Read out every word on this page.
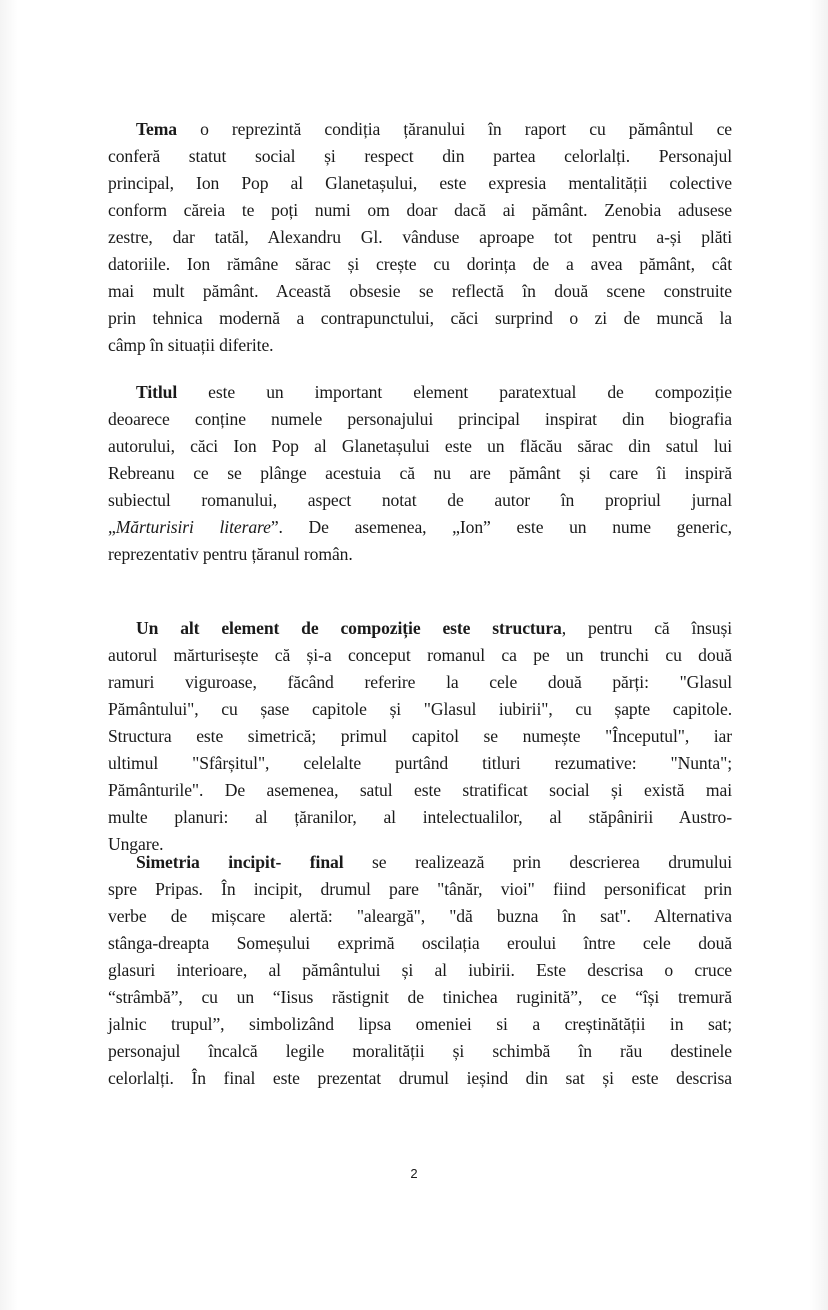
Tema o reprezintă condiția țăranului în raport cu pământul ce
conferă statut social și respect din partea celorlalți. Personajul
principal, Ion Pop al Glanetașului, este expresia mentalității colective
conform căreia te poți numi om doar dacă ai pământ. Zenobia adusese
zestre, dar tatăl, Alexandru Gl. vânduse aproape tot pentru a-și plăti
datoriile. Ion rămâne sărac și crește cu dorința de a avea pământ, cât
mai mult pământ. Această obsesie se reflectă în două scene construite
prin tehnica modernă a contrapunctului, căci surprind o zi de muncă la
câmp în situații diferite.
Titlul este un important element paratextual de compoziție
deoarece conține numele personajului principal inspirat din biografia
autorului, căci Ion Pop al Glanetașului este un flăcău sărac din satul lui
Rebreanu ce se plânge acestuia că nu are pământ și care îi inspiră
subiectul romanului, aspect notat de autor în propriul jurnal
„Mărturisiri literare”. De asemenea, „Ion” este un nume generic,
reprezentativ pentru țăranul român.
Un alt element de compoziție este structura, pentru că însuși
autorul mărturisește că și-a conceput romanul ca pe un trunchi cu două
ramuri viguroase, făcând referire la cele două părți: "Glasul
Pământului", cu șase capitole și "Glasul iubirii", cu șapte capitole.
Structura este simetrică; primul capitol se numește "Începutul", iar
ultimul "Sfârșitul", celelalte purtând titluri rezumative: "Nunta";
Pământurile". De asemenea, satul este stratificat social și există mai
multe planuri: al țăranilor, al intelectualilor, al stăpânirii Austro-
Ungare.
Simetria incipit- final se realizează prin descrierea drumului
spre Pripas. În incipit, drumul pare "tânăr, vioi" fiind personificat prin
verbe de mișcare alertă: "aleargă", "dă buzna în sat". Alternativa
stânga-dreapta Someșului exprimă oscilația eroului între cele două
glasuri interioare, al pământului și al iubirii. Este descrisa o cruce
“strâmbă”, cu un “Iisus răstignit de tinichea ruginită”, ce “își tremură
jalnic trupul”, simbolizând lipsa omeniei si a creștinătății in sat;
personajul încalcă legile moralității și schimbă în rău destinele
celorlalți. În final este prezentat drumul ieșind din sat și este descrisa
2
